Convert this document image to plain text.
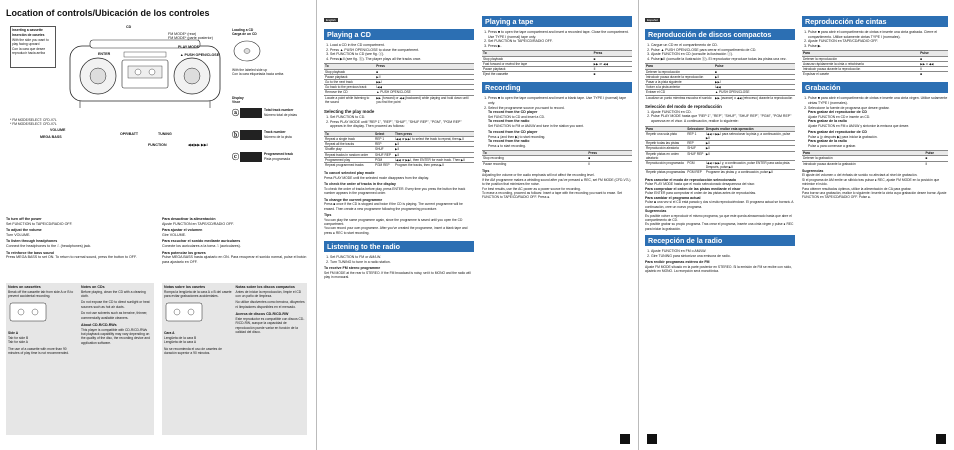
Location of controls/Ubicación de los controles
Inserting a cassette
Inserción de casetes
With the side you want to play facing upward
Con la cara que desee reproducir hacia arriba
CD
FM MODE* (rear)
FM MODE* (parte posterior)
PLAY MODE
ENTER	▲ PUSH OPEN/CLOSE
VOLUME
MEGA BASS
OPR/BATT	TUNING
FUNCTION	◀◀ ▶▶ ▶▶I
* FM MODE/SELECT: CFD-V7L
* FM MODE/SELECT: CFD-V7L
Loading a CD
Carga de un CD
With the labeled side up
Con la cara etiquetada hacia arriba
Display
Visor
ⓐ	Total track number
Número total de pistas
ⓑ	Track number
Número de la pista
ⓒ	Programmed track
Pista programada
To turn off the power
Set FUNCTION to TAPE/CD/RADIO OFF.
To adjust the volume
Turn VOLUME.
To listen through headphones
Connect the headphones to the ⎍ (headphones) jack.
To reinforce the bass sound
Press MEGA BASS to set ON. To return to normal sound, press the button to OFF.
Para desactivar la alimentación
Ajuste FUNCTION en TAPE/CD/RADIO OFF.
Para ajustar el volumen
Gire VOLUME.
Para escuchar el sonido mediante auriculares
Conecte los auriculares a la toma ⎍ (auriculares).
Para potenciar los graves
Pulse MEGA BASS hasta ajustarlo en ON. Para recuperar el sonido normal, pulse el botón para ajustarlo en OFF.
Notes on cassettes
Break off the cassette tab from side A or B to prevent accidental recording.
Side A
Tab for side B
Tab for side A
The use of a cassette with more than 90 minutes of play time is not recommended.
Notes on CDs
Before playing, clean the CD with a cleaning cloth.
Do not expose the CD to direct sunlight or heat sources such as hot air ducts.
Do not use solvents such as benzine, thinner, commercially available cleaners.
About CD-R/CD-RWs
This player is compatible with CD-R/CD-RWs but playback capability may vary depending on the quality of the disc, the recording device and application software.
Notas sobre los casetes
Rompa la lengüeta de la cara A o B del casete para evitar grabaciones accidentales.
Cara A
Lengüeta de la cara B
Lengüeta de la cara A
No se recomienda el uso de casetes de duración superior a 90 minutos.
Notas sobre los discos compactos
Antes de iniciar la reproducción, limpie el CD con un paño de limpieza.
No utilice disolventes como bencina, diluyentes ni limpiadores disponibles en el mercado.
Acerca de discos CD-R/CD-RW
Este reproductor es compatible con discos CD-R/CD-RW, aunque la capacidad de reproducción puede variar en función de la calidad del disco.
English
Playing a CD
1. Load a CD in the CD compartment.
2. Press ▲ PUSH OPEN/CLOSE to close the compartment.
3. Set FUNCTION to CD (see fig. ⓐ).
4. Press ▶II (see fig. ⓑ). The player plays all the tracks once.
To	Press
Stop playback	■
Pause playback	▶II
Go to the next track	▶▶I
Go back to the previous track	I◀◀
Remove the CD	▲ PUSH OPEN/CLOSE
Locate a point while listening to the sound	▶▶ (forward) or ◀◀ (backward) while playing and hold down until you find the point
Selecting the play mode
1. Set FUNCTION to CD.
2. Press PLAY MODE until "REP 1", "REP", "SHUF", "SHUF REP", "PGM", "PGM REP" appears in the display. Then proceed as follows:
To	Select	Then press
Repeat a single track	REP 1	I◀◀ or ▶▶I to select the track to repeat, then ▶II
Repeat all the tracks	REP	▶II
Shuffle play	SHUF	▶II
Repeat tracks in random order	SHUF REP	▶II
Programmed play	PGM	I◀◀ or ▶▶I, then ENTER for each track. Then ▶II
Repeat programmed tracks	PGM REP	Program the tracks, then press ▶II
To cancel selected play mode
Press PLAY MODE until the selected mode disappears from the display.
To check the order of tracks in the display
To check the order of tracks before play, press ENTER. Every time you press the button the track number appears in the programmed order.
To change the current programme
Press ■ once if the CD is stopped and twice if the CD is playing. The current programme will be erased. Then create a new programme following the programming procedure.
Tips
You can play the same programme again, since the programme is saved until you open the CD compartment.
You can record your own programme. After you've created the programme, insert a blank tape and press ● REC to start recording.
Listening to the radio
1. Set FUNCTION to FM or AM/LW.
2. Turn TUNING to tune in a radio station.
To receive FM stereo programme
Set FM MODE at the rear to STEREO. If the FM broadcast is noisy, set it to MONO and the radio will play in monaural.
Playing a tape
1. Press ■ to open the tape compartment and insert a recorded tape. Close the compartment. Use TYPE I (normal) tape only.
2. Set FUNCTION to TAPE/CD/RADIO OFF.
3. Press ▶.
To	Press
Stop playback	■
Fast forward or rewind the tape	▶▶ or ◀◀
Pause playback	II
Eject the cassette	■
Recording
1. Press ■ to open the tape compartment and insert a blank tape. Use TYPE I (normal) tape only.
2. Select the programme source you want to record.
To record from the CD player
Set FUNCTION to CD and insert a CD.
To record from the radio
Set FUNCTION to FM or AM/LW and tune in the station you want.
To record from the CD player
Press ● (and then ▶) to start recording.
To record from the radio
Press ● to start recording.
To	Press
Stop recording	■
Pause recording	II
Tips
Adjusting the volume or the audio emphasis will not affect the recording level.
If the AM programme makes a whistling sound after you've pressed ● REC, set FM MODE (CFD-V7L) to the position that minimizes the noise.
For best results, use the AC power as a power source for recording.
To erase a recording, proceed as follows: Insert a tape with the recording you want to erase. Set FUNCTION to TAPE/CD/RADIO OFF. Press ●.
Español
Reproducción de discos compactos
1. Cargue un CD en el compartimento de CD.
2. Pulse ▲ PUSH OPEN/CLOSE para cerrar el compartimento de CD.
3. Ajuste FUNCTION en CD (consulte la ilustración ⓐ).
4. Pulse ▶II (consulte la ilustración ⓑ). El reproductor reproduce todas las pistas una vez.
Para	Pulse
Detener la reproducción	■
Introducir pausa durante la reproducción	▶II
Pasar a la pista siguiente	▶▶I
Volver a la pista anterior	I◀◀
Extraer el CD	▲ PUSH OPEN/CLOSE
Localizar un punto mientras escucha el sonido	▶▶ (avance) o ◀◀ (retroceso) durante la reproducción
Selección del modo de reproducción
1. Ajuste FUNCTION en CD.
2. Pulse PLAY MODE hasta que "REP 1", "REP", "SHUF", "SHUF REP", "PGM", "PGM REP" aparezca en el visor. A continuación, realice lo siguiente:
Para	Seleccione	Después realice esta operación
Repetir una sola pista	REP 1	I◀◀ o ▶▶I para seleccionar la pista y, a continuación, pulse ▶II
Repetir todas las pistas	REP	▶II
Reproducción aleatoria	SHUF	▶II
Repetir pistas en orden aleatorio	SHUF REP	▶II
Reproducción programada	PGM	I◀◀ o ▶▶I y, a continuación, pulse ENTER para cada pista. Después, pulse ▶II
Repetir pistas programadas	PGM REP	Programe las pistas y, a continuación, pulse ▶II
Para cancelar el modo de reproducción seleccionado
Pulse PLAY MODE hasta que el modo seleccionado desaparezca del visor.
Para comprobar el orden de las pistas mediante el visor
Pulse ENTER para comprobar el orden de las pistas antes de reproducirlas.
Para cambiar el programa actual
Pulse ■ una vez si el CD está parado y dos si está reproduciéndose. El programa actual se borrará. A continuación, cree un nuevo programa.
Sugerencias
Es posible volver a reproducir el mismo programa, ya que este queda almacenado hasta que abre el compartimento de CD.
Es posible grabar su propio programa. Tras crear el programa, inserte una cinta virgen y pulse ● REC para iniciar la grabación.
Recepción de la radio
1. Ajuste FUNCTION en FM o AM/LW.
2. Gire TUNING para sintonizar una emisora de radio.
Para recibir programas estéreo de FM
Ajuste FM MODE situado en la parte posterior en STEREO. Si la emisión de FM se recibe con ruido, ajústelo en MONO. La recepción será monofónica.
Reproducción de cintas
1. Pulse ■ para abrir el compartimento de cintas e inserte una cinta grabada. Cierre el compartimento. Utilice solamente cintas TYPE I (normales).
2. Ajuste FUNCTION en TAPE/CD/RADIO OFF.
3. Pulse ▶.
Para	Pulse
Detener la reproducción	■
Avanzar rápidamente la cinta o rebobinarla	▶▶ o ◀◀
Introducir pausa durante la reproducción	II
Expulsar el casete	■
Grabación
1. Pulse ■ para abrir el compartimento de cintas e inserte una cinta virgen. Utilice solamente cintas TYPE I (normales).
2. Seleccione la fuente de programa que desee grabar.
Para grabar del reproductor de CD
Ajuste FUNCTION en CD e inserte un CD.
Para grabar de la radio
Ajuste FUNCTION en FM o AM/LW y sintonice la emisora que desee.
Para grabar del reproductor de CD
Pulse ● (y después ▶) para iniciar la grabación.
Para grabar de la radio
Pulse ● para comenzar a grabar.
Para	Pulse
Detener la grabación	■
Introducir pausa durante la grabación	II
Sugerencias
El ajuste del volumen o del énfasis de sonido no afectará al nivel de grabación.
Si el programa de AM emite un silbido tras pulsar ● REC, ajuste FM MODE en la posición que minimice el ruido.
Para obtener resultados óptimos, utilice la alimentación de CA para grabar.
Para borrar una grabación, realice lo siguiente: Inserte la cinta cuya grabación desee borrar. Ajuste FUNCTION en TAPE/CD/RADIO OFF. Pulse ●.
